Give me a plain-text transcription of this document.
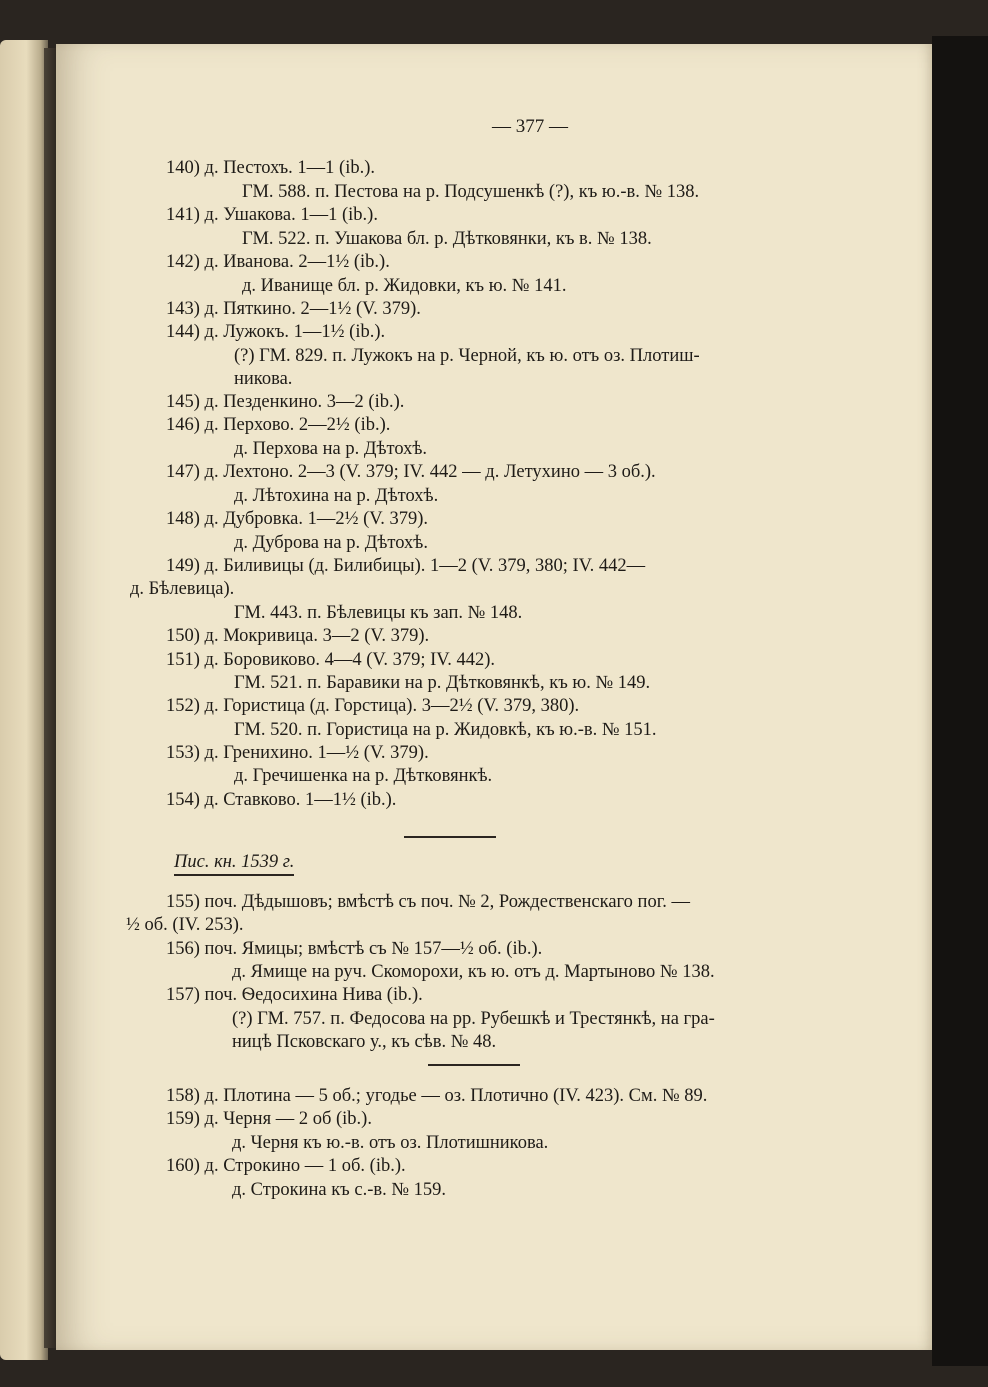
— 377 —
140) д. Пестохъ. 1—1 (ib.).
ГМ. 588. п. Пестова на р. Подсушенкѣ (?), къ ю.-в. № 138.
141) д. Ушакова. 1—1 (ib.).
ГМ. 522. п. Ушакова бл. р. Дѣтковянки, къ в. № 138.
142) д. Иванова. 2—1½ (ib.).
д. Иванище бл. р. Жидовки, къ ю. № 141.
143) д. Пяткино. 2—1½ (V. 379).
144) д. Лужокъ. 1—1½ (ib.).
(?) ГМ. 829. п. Лужокъ на р. Черной, къ ю. отъ оз. Плотиш-
никова.
145) д. Пезденкино. 3—2 (ib.).
146) д. Перхово. 2—2½ (ib.).
д. Перхова на р. Дѣтохѣ.
147) д. Лехтоно. 2—3 (V. 379; IV. 442 — д. Летухино — 3 об.).
д. Лѣтохина на р. Дѣтохѣ.
148) д. Дубровка. 1—2½ (V. 379).
д. Дуброва на р. Дѣтохѣ.
149) д. Биливицы (д. Билибицы). 1—2 (V. 379, 380; IV. 442—
д. Бѣлевица).
ГМ. 443. п. Бѣлевицы къ зап. № 148.
150) д. Мокривица. 3—2 (V. 379).
151) д. Боровиково. 4—4 (V. 379; IV. 442).
ГМ. 521. п. Баравики на р. Дѣтковянкѣ, къ ю. № 149.
152) д. Гористица (д. Горстица). 3—2½ (V. 379, 380).
ГМ. 520. п. Гористица на р. Жидовкѣ, къ ю.-в. № 151.
153) д. Гренихино. 1—½ (V. 379).
д. Гречишенка на р. Дѣтковянкѣ.
154) д. Ставково. 1—1½ (ib.).
Пис. кн. 1539 г.
155) поч. Дѣдышовъ; вмѣстѣ съ поч. № 2, Рождественскаго пог. —
½ об. (IV. 253).
156) поч. Ямицы; вмѣстѣ съ № 157—½ об. (ib.).
д. Ямище на руч. Скоморохи, къ ю. отъ д. Мартыново № 138.
157) поч. Ѳедосихина Нива (ib.).
(?) ГМ. 757. п. Федосова на рр. Рубешкѣ и Трестянкѣ, на гра-
ницѣ Псковскаго у., къ сѣв. № 48.
158) д. Плотина — 5 об.; угодье — оз. Плотично (IV. 423). См. № 89.
159) д. Черня — 2 об (ib.).
д. Черня къ ю.-в. отъ оз. Плотишникова.
160) д. Строкино — 1 об. (ib.).
д. Строкина къ с.-в. № 159.
